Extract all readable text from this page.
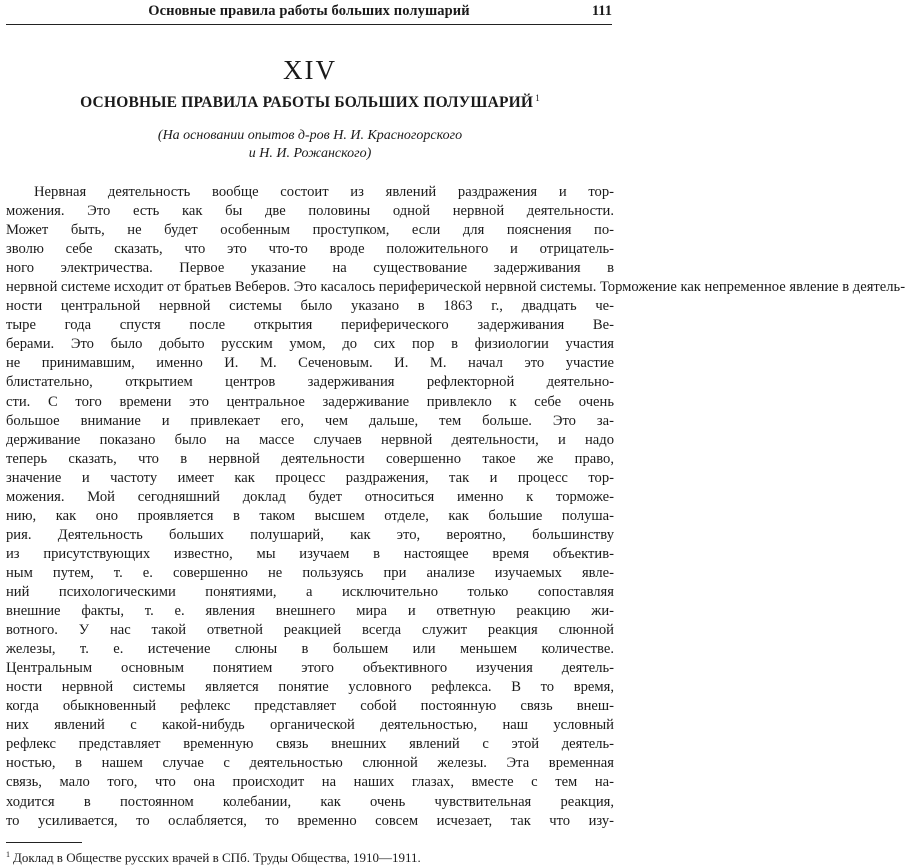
Основные правила работы больших полушарий	111
XIV
ОСНОВНЫЕ ПРАВИЛА РАБОТЫ БОЛЬШИХ ПОЛУШАРИЙ $^1$
(На основании опытов д-ров Н. И. Красногорского
и Н. И. Рожанского)
Нервная деятельность вообще состоит из явлений раздражения и тор-
можения. Это есть как бы две половины одной нервной деятельности.
Может быть, не будет особенным проступком, если для пояснения по-
зволю себе сказать, что это что-то вроде положительного и отрицатель-
ного электричества. Первое указание на существование задерживания в
нервной системе исходит от братьев Веберов. Это касалось периферической нервной системы. Торможение как непременное явление в деятель-
ности центральной нервной системы было указано в 1863 г., двадцать че-
тыре года спустя после открытия периферического задерживания Ве-
берами. Это было добыто русским умом, до сих пор в физиологии участия
не принимавшим, именно И. М. Сеченовым. И. М. начал это участие
блистательно, открытием центров задерживания рефлекторной деятельно-
сти. С того времени это центральное задерживание привлекло к себе очень
большое внимание и привлекает его, чем дальше, тем больше. Это за-
держивание показано было на массе случаев нервной деятельности, и надо
теперь сказать, что в нервной деятельности совершенно такое же право,
значение и частоту имеет как процесс раздражения, так и процесс тор-
можения. Мой сегодняшний доклад будет относиться именно к торможе-
нию, как оно проявляется в таком высшем отделе, как большие полуша-
рия. Деятельность больших полушарий, как это, вероятно, большинству
из присутствующих известно, мы изучаем в настоящее время объектив-
ным путем, т. е. совершенно не пользуясь при анализе изучаемых явле-
ний психологическими понятиями, а исключительно только сопоставляя
внешние факты, т. е. явления внешнего мира и ответную реакцию жи-
вотного. У нас такой ответной реакцией всегда служит реакция слюнной
железы, т. е. истечение слюны в большем или меньшем количестве.
Центральным основным понятием этого объективного изучения деятель-
ности нервной системы является понятие условного рефлекса. В то время,
когда обыкновенный рефлекс представляет собой постоянную связь внеш-
них явлений с какой-нибудь органической деятельностью, наш условный
рефлекс представляет временную связь внешних явлений с этой деятель-
ностью, в нашем случае с деятельностью слюнной железы. Эта временная
связь, мало того, что она происходит на наших глазах, вместе с тем на-
ходится в постоянном колебании, как очень чувствительная реакция,
то усиливается, то ослабляется, то временно совсем исчезает, так что изу-
$^1$ Доклад в Обществе русских врачей в СПб. Труды Общества, 1910—1911.
